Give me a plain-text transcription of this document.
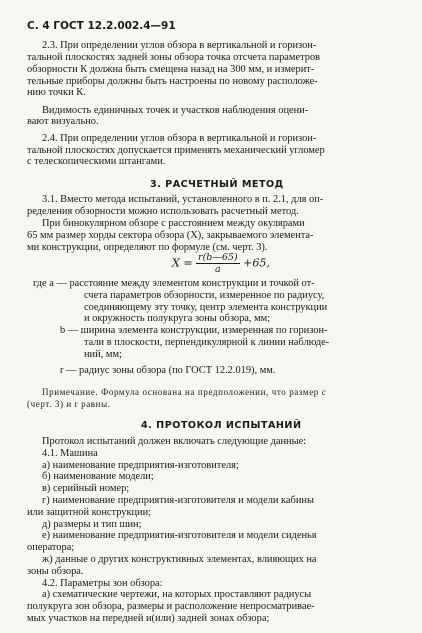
С. 4 ГОСТ 12.2.002.4—91
2.3. При определении углов обзора в вертикальной и горизон-
тальной плоскостях задней зоны обзора точка отсчета параметров
обзорности К должна быть смещена назад на 300 мм, и измерит-
тельные приборы должны быть настроены по новому расположе-
нию точки К.
Видимость единичных точек и участков наблюдения оцени-
вают визуально.
2.4. При определении углов обзора в вертикальной и горизон-
тальной плоскостях допускается применять механический угломер
с телескопическими штангами.
3. РАСЧЕТНЫЙ МЕТОД
3.1. Вместо метода испытаний, установленного в п. 2.1, для оп-
ределения обзорности можно использовать расчетный метод.
При бинокулярном обзоре с расстоянием между окулярами
65 мм размер хорды сектора обзора (X), закрываемого элемента-
ми конструкции, определяют по формуле (см. черт. 3).
$X = \frac{r(b—65)}{a} +65$,
где a — расстояние между элементом конструкции и точкой от-
счета параметров обзорности, измеренное по радиусу,
соединяющему эту точку, центр элемента конструкции
и окружность полукруга зоны обзора, мм;
b — ширина элемента конструкции, измеренная по горизон-
тали в плоскости, перпендикулярной к линии наблюде-
ний, мм;
r — радиус зоны обзора (по ГОСТ 12.2.019), мм.
Примечание. Формула основана на предположении, что размер c
(черт. 3) и r равны.
4. ПРОТОКОЛ ИСПЫТАНИЙ
Протокол испытаний должен включать следующие данные:
4.1. Машина
а) наименование предприятия-изготовителя;
б) наименование модели;
в) серийный номер;
г) наименование предприятия-изготовителя и модели кабины
или защитной конструкции;
д) размеры и тип шин;
е) наименование предприятия-изготовителя и модели сиденья
оператора;
ж) данные о других конструктивных элементах, влияющих на
зоны обзора.
4.2. Параметры зон обзора:
а) схематические чертежи, на которых проставляют радиусы
полукруга зон обзора, размеры и расположение непросматривае-
мых участков на передней и(или) задней зонах обзора;
